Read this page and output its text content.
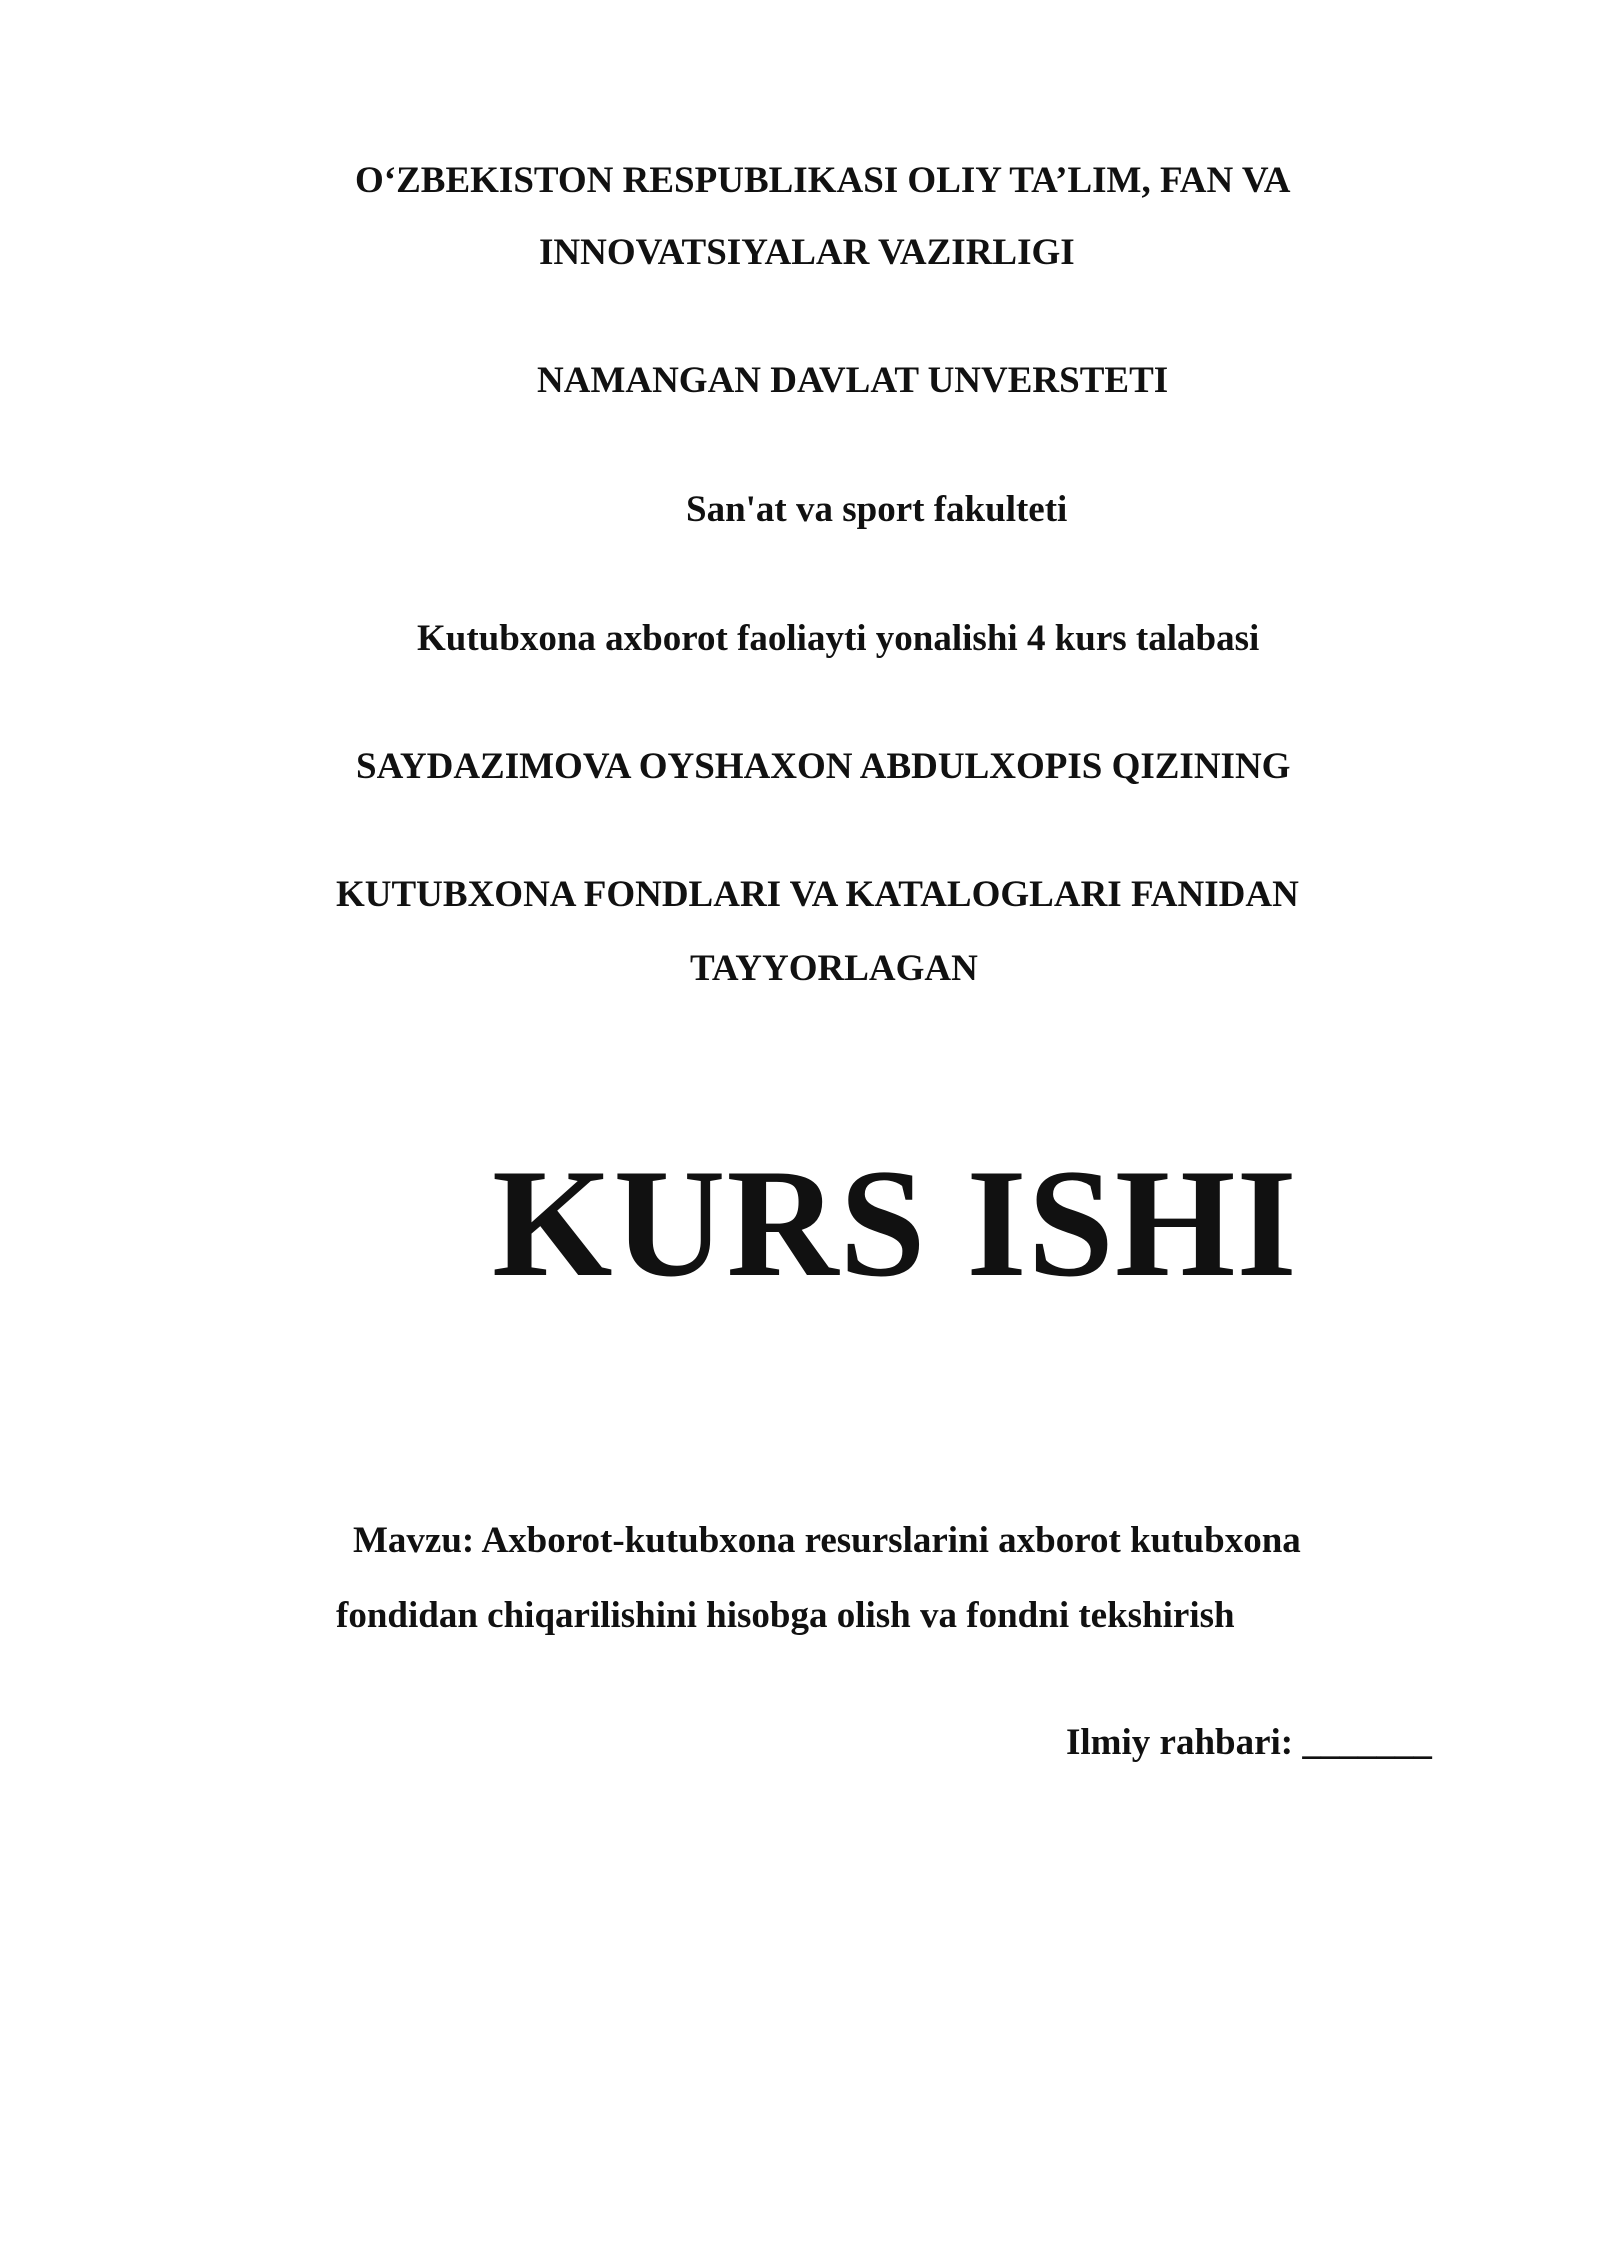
O‘ZBEKISTON RESPUBLIKASI OLIY TA’LIM, FAN VA
INNOVATSIYALAR VAZIRLIGI
NAMANGAN DAVLAT UNVERSTETI
San'at va sport fakulteti
Kutubxona axborot faoliayti yonalishi 4 kurs talabasi
SAYDAZIMOVA OYSHAXON ABDULXOPIS QIZINING
KUTUBXONA FONDLARI VA KATALOGLARI FANIDAN
TAYYORLAGAN
KURS ISHI
Mavzu: Axborot-kutubxona resurslarini axborot kutubxona
fondidan chiqarilishini hisobga olish va fondni tekshirish
Ilmiy rahbari: _______
